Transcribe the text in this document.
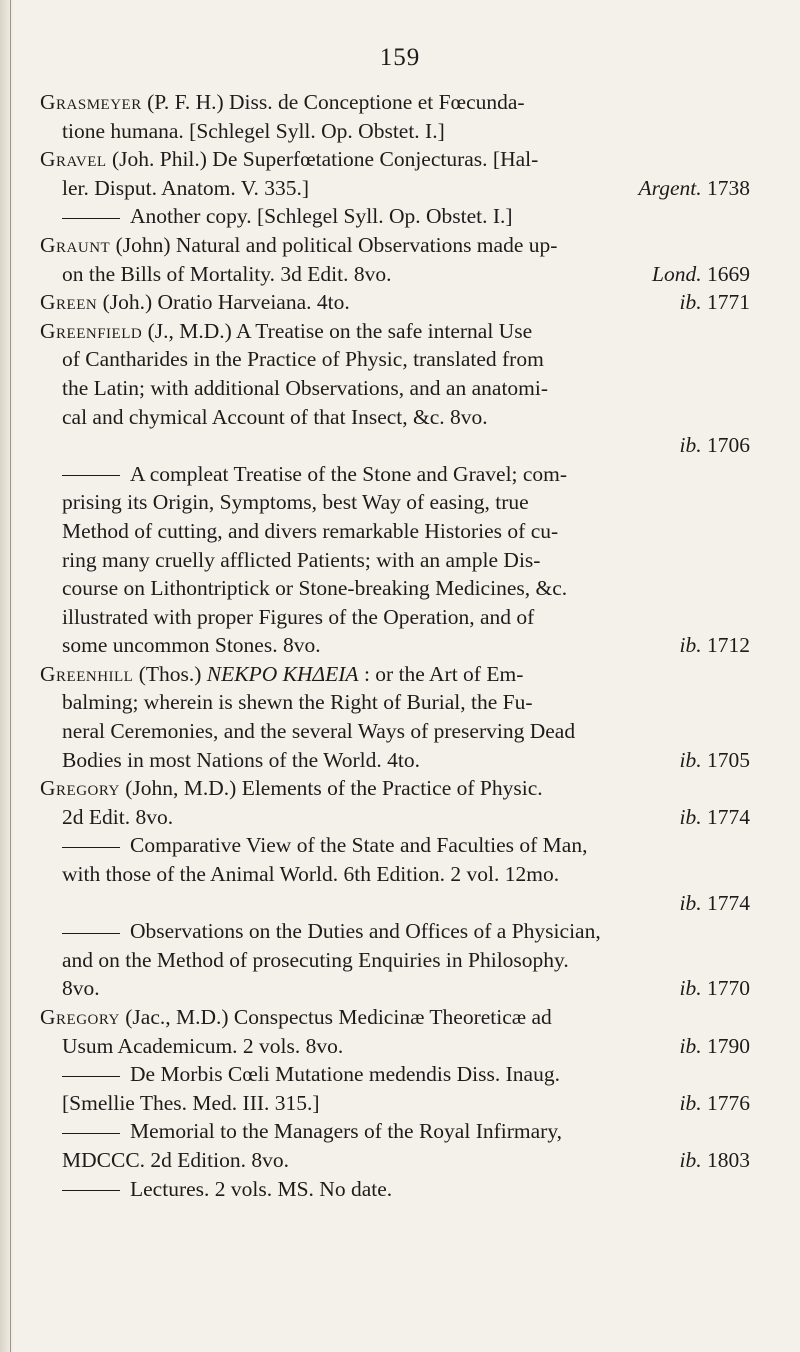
159
Grasmeyer (P. F. H.) Diss. de Conceptione et Fœcunda-
tione humana. [Schlegel Syll. Op. Obstet. I.]
Gravel (Joh. Phil.) De Superfœtatione Conjecturas. [Hal-
ler. Disput. Anatom. V. 335.]	Argent. 1738
Another copy. [Schlegel Syll. Op. Obstet. I.]
Graunt (John) Natural and political Observations made up-
on the Bills of Mortality. 3d Edit. 8vo.	Lond. 1669
Green (Joh.) Oratio Harveiana. 4to.	ib. 1771
Greenfield (J., M.D.) A Treatise on the safe internal Use
of Cantharides in the Practice of Physic, translated from
the Latin; with additional Observations, and an anatomi-
cal and chymical Account of that Insect, &c. 8vo.
ib. 1706
A compleat Treatise of the Stone and Gravel; com-
prising its Origin, Symptoms, best Way of easing, true
Method of cutting, and divers remarkable Histories of cu-
ring many cruelly afflicted Patients; with an ample Dis-
course on Lithontriptick or Stone-breaking Medicines, &c.
illustrated with proper Figures of the Operation, and of
some uncommon Stones. 8vo.	ib. 1712
Greenhill (Thos.) ΝΕΚΡΟ ΚΗΔΕΙΑ : or the Art of Em-
balming; wherein is shewn the Right of Burial, the Fu-
neral Ceremonies, and the several Ways of preserving Dead
Bodies in most Nations of the World. 4to.	ib. 1705
Gregory (John, M.D.) Elements of the Practice of Physic.
2d Edit. 8vo.	ib. 1774
Comparative View of the State and Faculties of Man,
with those of the Animal World. 6th Edition. 2 vol. 12mo.
ib. 1774
Observations on the Duties and Offices of a Physician,
and on the Method of prosecuting Enquiries in Philosophy.
8vo.	ib. 1770
Gregory (Jac., M.D.) Conspectus Medicinæ Theoreticæ ad
Usum Academicum. 2 vols. 8vo.	ib. 1790
De Morbis Cœli Mutatione medendis Diss. Inaug.
[Smellie Thes. Med. III. 315.]	ib. 1776
Memorial to the Managers of the Royal Infirmary,
MDCCC. 2d Edition. 8vo.	ib. 1803
Lectures. 2 vols. MS. No date.
